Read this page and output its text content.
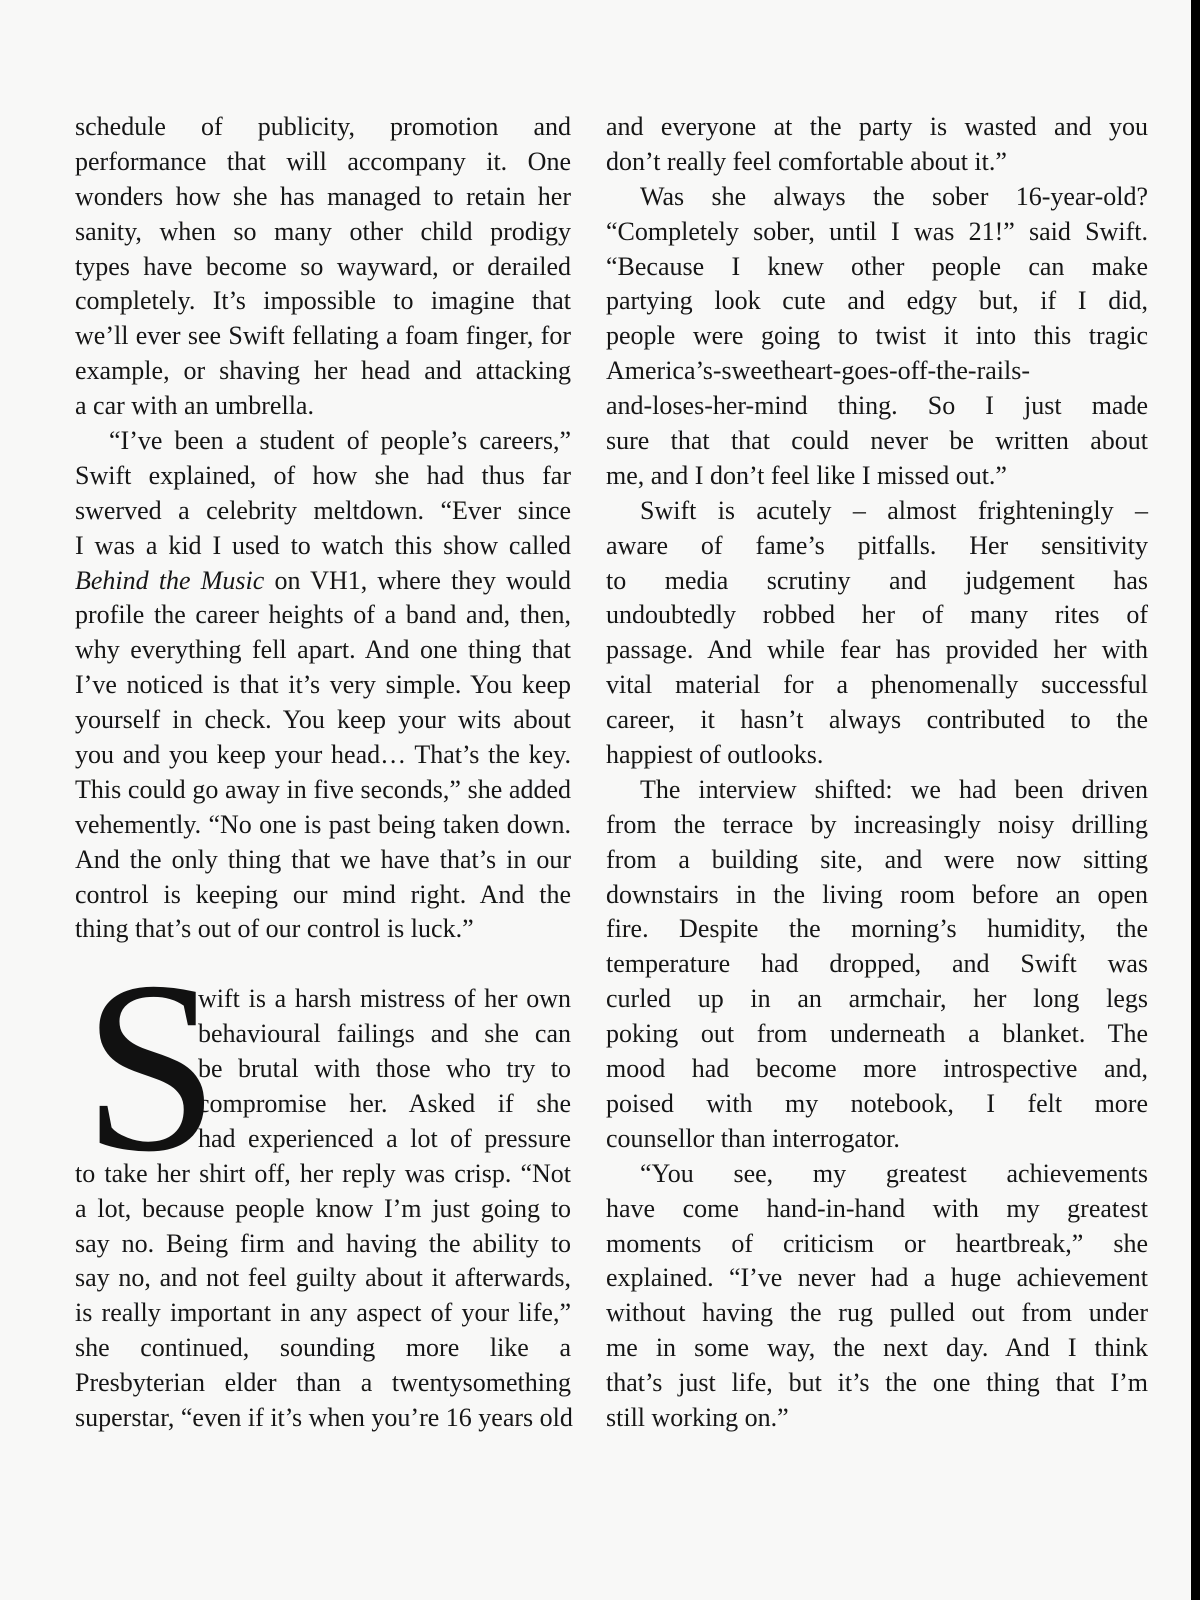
schedule of publicity, promotion and
performance that will accompany it. One
wonders how she has managed to retain her
sanity, when so many other child prodigy
types have become so wayward, or derailed
completely. It’s impossible to imagine that
we’ll ever see Swift fellating a foam finger, for
example, or shaving her head and attacking
a car with an umbrella.
“I’ve been a student of people’s careers,”
Swift explained, of how she had thus far
swerved a celebrity meltdown. “Ever since
I was a kid I used to watch this show called
Behind the Music on VH1, where they would
profile the career heights of a band and, then,
why everything fell apart. And one thing that
I’ve noticed is that it’s very simple. You keep
yourself in check. You keep your wits about
you and you keep your head… That’s the key.
This could go away in five seconds,” she added
vehemently. “No one is past being taken down.
And the only thing that we have that’s in our
control is keeping our mind right. And the
thing that’s out of our control is luck.”
S
wift is a harsh mistress of her own
behavioural failings and she can
be brutal with those who try to
compromise her. Asked if she
had experienced a lot of pressure
to take her shirt off, her reply was crisp. “Not
a lot, because people know I’m just going to
say no. Being firm and having the ability to
say no, and not feel guilty about it afterwards,
is really important in any aspect of your life,”
she continued, sounding more like a
Presbyterian elder than a twentysomething
superstar, “even if it’s when you’re 16 years old
and everyone at the party is wasted and you
don’t really feel comfortable about it.”
Was she always the sober 16-year-old?
“Completely sober, until I was 21!” said Swift.
“Because I knew other people can make
partying look cute and edgy but, if I did,
people were going to twist it into this tragic
America’s-sweetheart-goes-off-the-rails-
and-loses-her-mind thing. So I just made
sure that that could never be written about
me, and I don’t feel like I missed out.”
Swift is acutely – almost frighteningly –
aware of fame’s pitfalls. Her sensitivity
to media scrutiny and judgement has
undoubtedly robbed her of many rites of
passage. And while fear has provided her with
vital material for a phenomenally successful
career, it hasn’t always contributed to the
happiest of outlooks.
The interview shifted: we had been driven
from the terrace by increasingly noisy drilling
from a building site, and were now sitting
downstairs in the living room before an open
fire. Despite the morning’s humidity, the
temperature had dropped, and Swift was
curled up in an armchair, her long legs
poking out from underneath a blanket. The
mood had become more introspective and,
poised with my notebook, I felt more
counsellor than interrogator.
“You see, my greatest achievements
have come hand-in-hand with my greatest
moments of criticism or heartbreak,” she
explained. “I’ve never had a huge achievement
without having the rug pulled out from under
me in some way, the next day. And I think
that’s just life, but it’s the one thing that I’m
still working on.”
